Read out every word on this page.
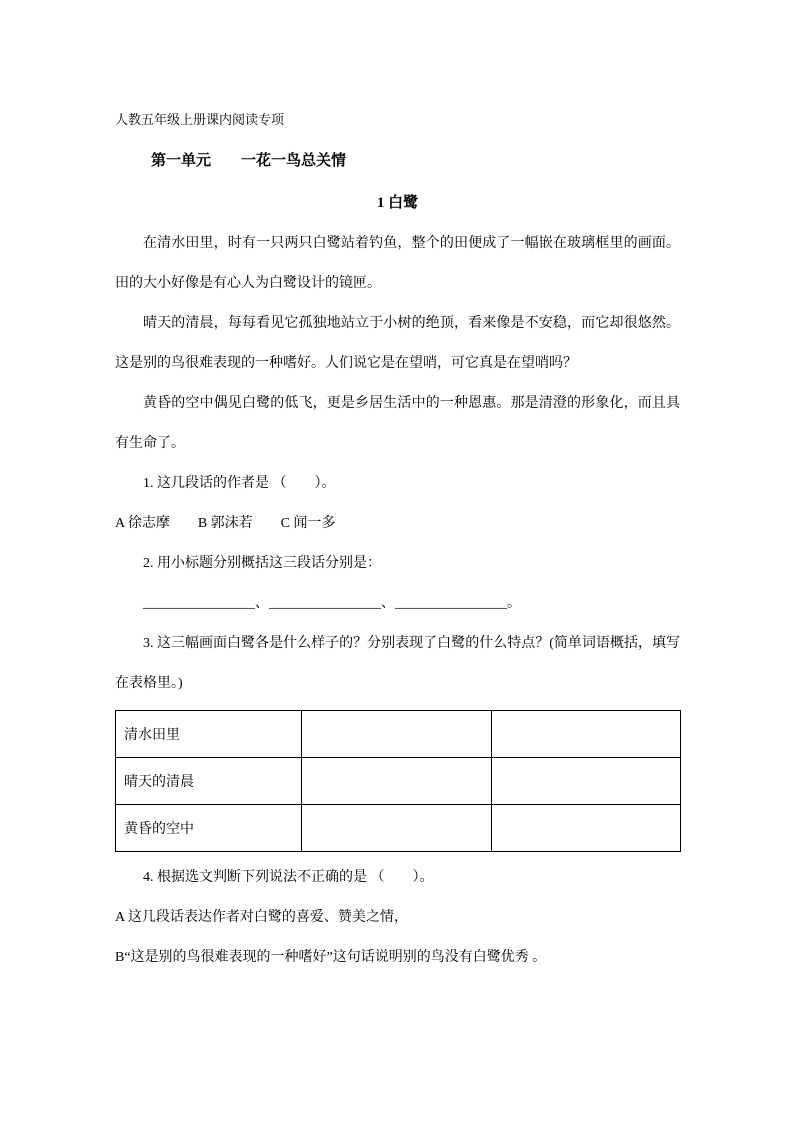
人教五年级上册课内阅读专项

第一单元　　一花一鸟总关情

1 白鹭

在清水田里，时有一只两只白鹭站着钓鱼，整个的田便成了一幅嵌在玻璃框里的画面。田的大小好像是有心人为白鹭设计的镜匣。

晴天的清晨，每每看见它孤独地站立于小树的绝顶，看来像是不安稳，而它却很悠然。这是别的鸟很难表现的一种嗜好。人们说它是在望哨，可它真是在望哨吗？

黄昏的空中偶见白鹭的低飞，更是乡居生活中的一种恩惠。那是清澄的形象化，而且具有生命了。

1. 这几段话的作者是 （　　）。

A 徐志摩　　B 郭沫若　　C 闻一多

2. 用小标题分别概括这三段话分别是：

________________、________________、________________。

3. 这三幅画面白鹭各是什么样子的？分别表现了白鹭的什么特点？(简单词语概括，填写在表格里。)

清水田里		
晴天的清晨		
黄昏的空中		

4. 根据选文判断下列说法不正确的是 （　　）。

A 这几段话表达作者对白鹭的喜爱、赞美之情，

B“这是别的鸟很难表现的一种嗜好”这句话说明别的鸟没有白鹭优秀 。
